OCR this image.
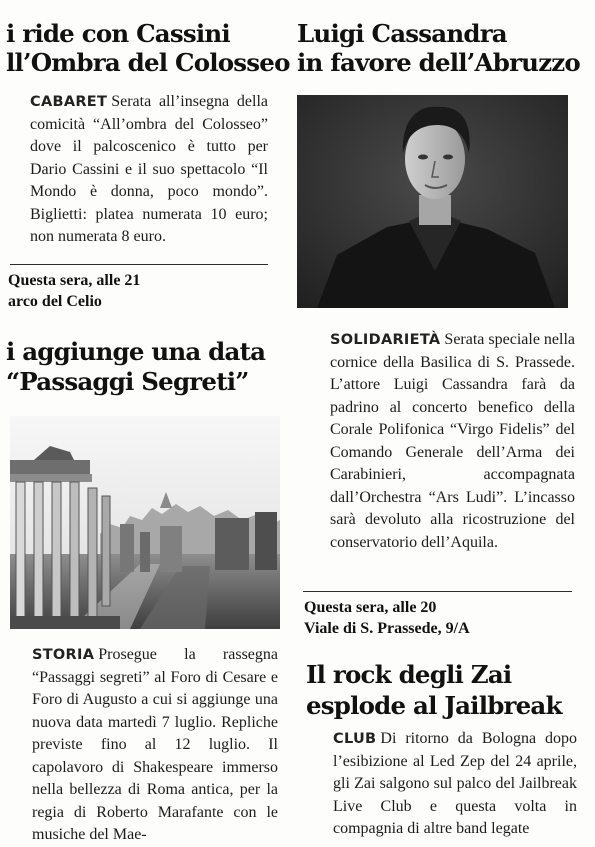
i ride con Cassini
ll’Ombra del Colosseo
CABARET Serata all’insegna della comicità “All’ombra del Colosseo” dove il palcoscenico è tutto per Dario Cassini e il suo spettacolo “Il Mondo è donna, poco mondo”. Biglietti: platea numerata 10 euro; non numerata 8 euro.
Questa sera, alle 21
arco del Celio
i aggiunge una data
“Passaggi Segreti”
STORIA Prosegue la rassegna “Passaggi segreti” al Foro di Cesare e Foro di Augusto a cui si aggiunge una nuova data martedì 7 luglio. Repliche previste fino al 12 luglio. Il capolavoro di Shakespeare immerso nella bellezza di Roma antica, per la regia di Roberto Marafante con le musiche del Mae-
Luigi Cassandra
in favore dell’Abruzzo
SOLIDARIETÀ Serata speciale nella cornice della Basilica di S. Prassede. L’attore Luigi Cassandra farà da padrino al concerto benefico della Corale Polifonica “Virgo Fidelis” del Comando Generale dell’Arma dei Carabinieri, accompagnata dall’Orchestra “Ars Ludi”. L’incasso sarà devoluto alla ricostruzione del conservatorio dell’Aquila.
Questa sera, alle 20
Viale di S. Prassede, 9/A
Il rock degli Zai
esplode al Jailbreak
CLUB Di ritorno da Bologna dopo l’esibizione al Led Zep del 24 aprile, gli Zai salgono sul palco del Jailbreak Live Club e questa volta in compagnia di altre band legate
